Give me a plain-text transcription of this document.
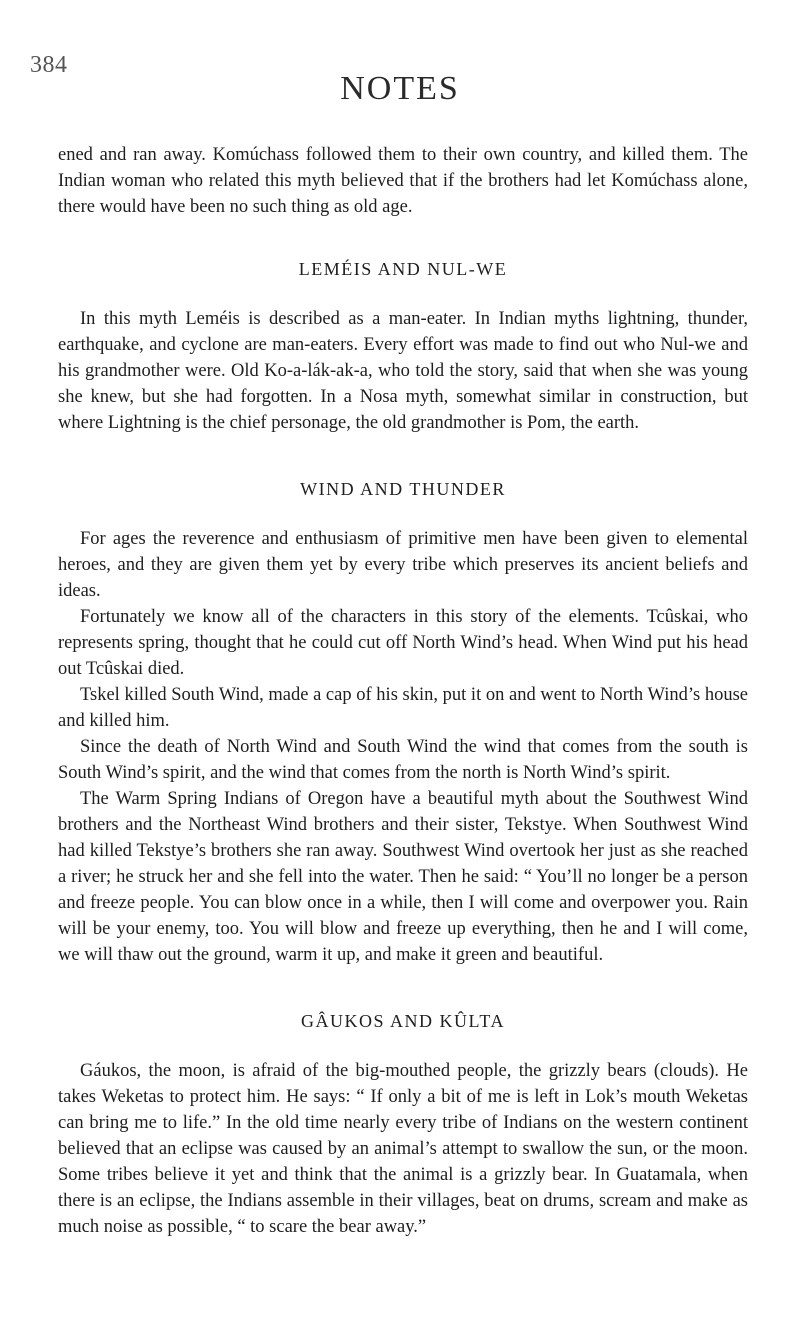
384
NOTES

ened and ran away. Komúchass followed them to their own country, and killed them. The Indian woman who related this myth believed that if the brothers had let Komúchass alone, there would have been no such thing as old age.

LEMÉIS AND NUL-WE

In this myth Leméis is described as a man-eater. In Indian myths lightning, thunder, earthquake, and cyclone are man-eaters. Every effort was made to find out who Nul-we and his grandmother were. Old Ko-a-lák-ak-a, who told the story, said that when she was young she knew, but she had forgotten. In a Nosa myth, somewhat similar in construction, but where Lightning is the chief personage, the old grandmother is Pom, the earth.

WIND AND THUNDER

For ages the reverence and enthusiasm of primitive men have been given to elemental heroes, and they are given them yet by every tribe which preserves its ancient beliefs and ideas.

Fortunately we know all of the characters in this story of the elements. Tcûskai, who represents spring, thought that he could cut off North Wind’s head. When Wind put his head out Tcûskai died.

Tskel killed South Wind, made a cap of his skin, put it on and went to North Wind’s house and killed him.

Since the death of North Wind and South Wind the wind that comes from the south is South Wind’s spirit, and the wind that comes from the north is North Wind’s spirit.

The Warm Spring Indians of Oregon have a beautiful myth about the Southwest Wind brothers and the Northeast Wind brothers and their sister, Tekstye. When Southwest Wind had killed Tekstye’s brothers she ran away. Southwest Wind overtook her just as she reached a river; he struck her and she fell into the water. Then he said: “ You’ll no longer be a person and freeze people. You can blow once in a while, then I will come and overpower you. Rain will be your enemy, too. You will blow and freeze up everything, then he and I will come, we will thaw out the ground, warm it up, and make it green and beautiful.

GÂUKOS AND KÛLTA

Gáukos, the moon, is afraid of the big-mouthed people, the grizzly bears (clouds). He takes Weketas to protect him. He says: “ If only a bit of me is left in Lok’s mouth Weketas can bring me to life.” In the old time nearly every tribe of Indians on the western continent believed that an eclipse was caused by an animal’s attempt to swallow the sun, or the moon. Some tribes believe it yet and think that the animal is a grizzly bear. In Guatamala, when there is an eclipse, the Indians assemble in their villages, beat on drums, scream and make as much noise as possible, “ to scare the bear away.”
